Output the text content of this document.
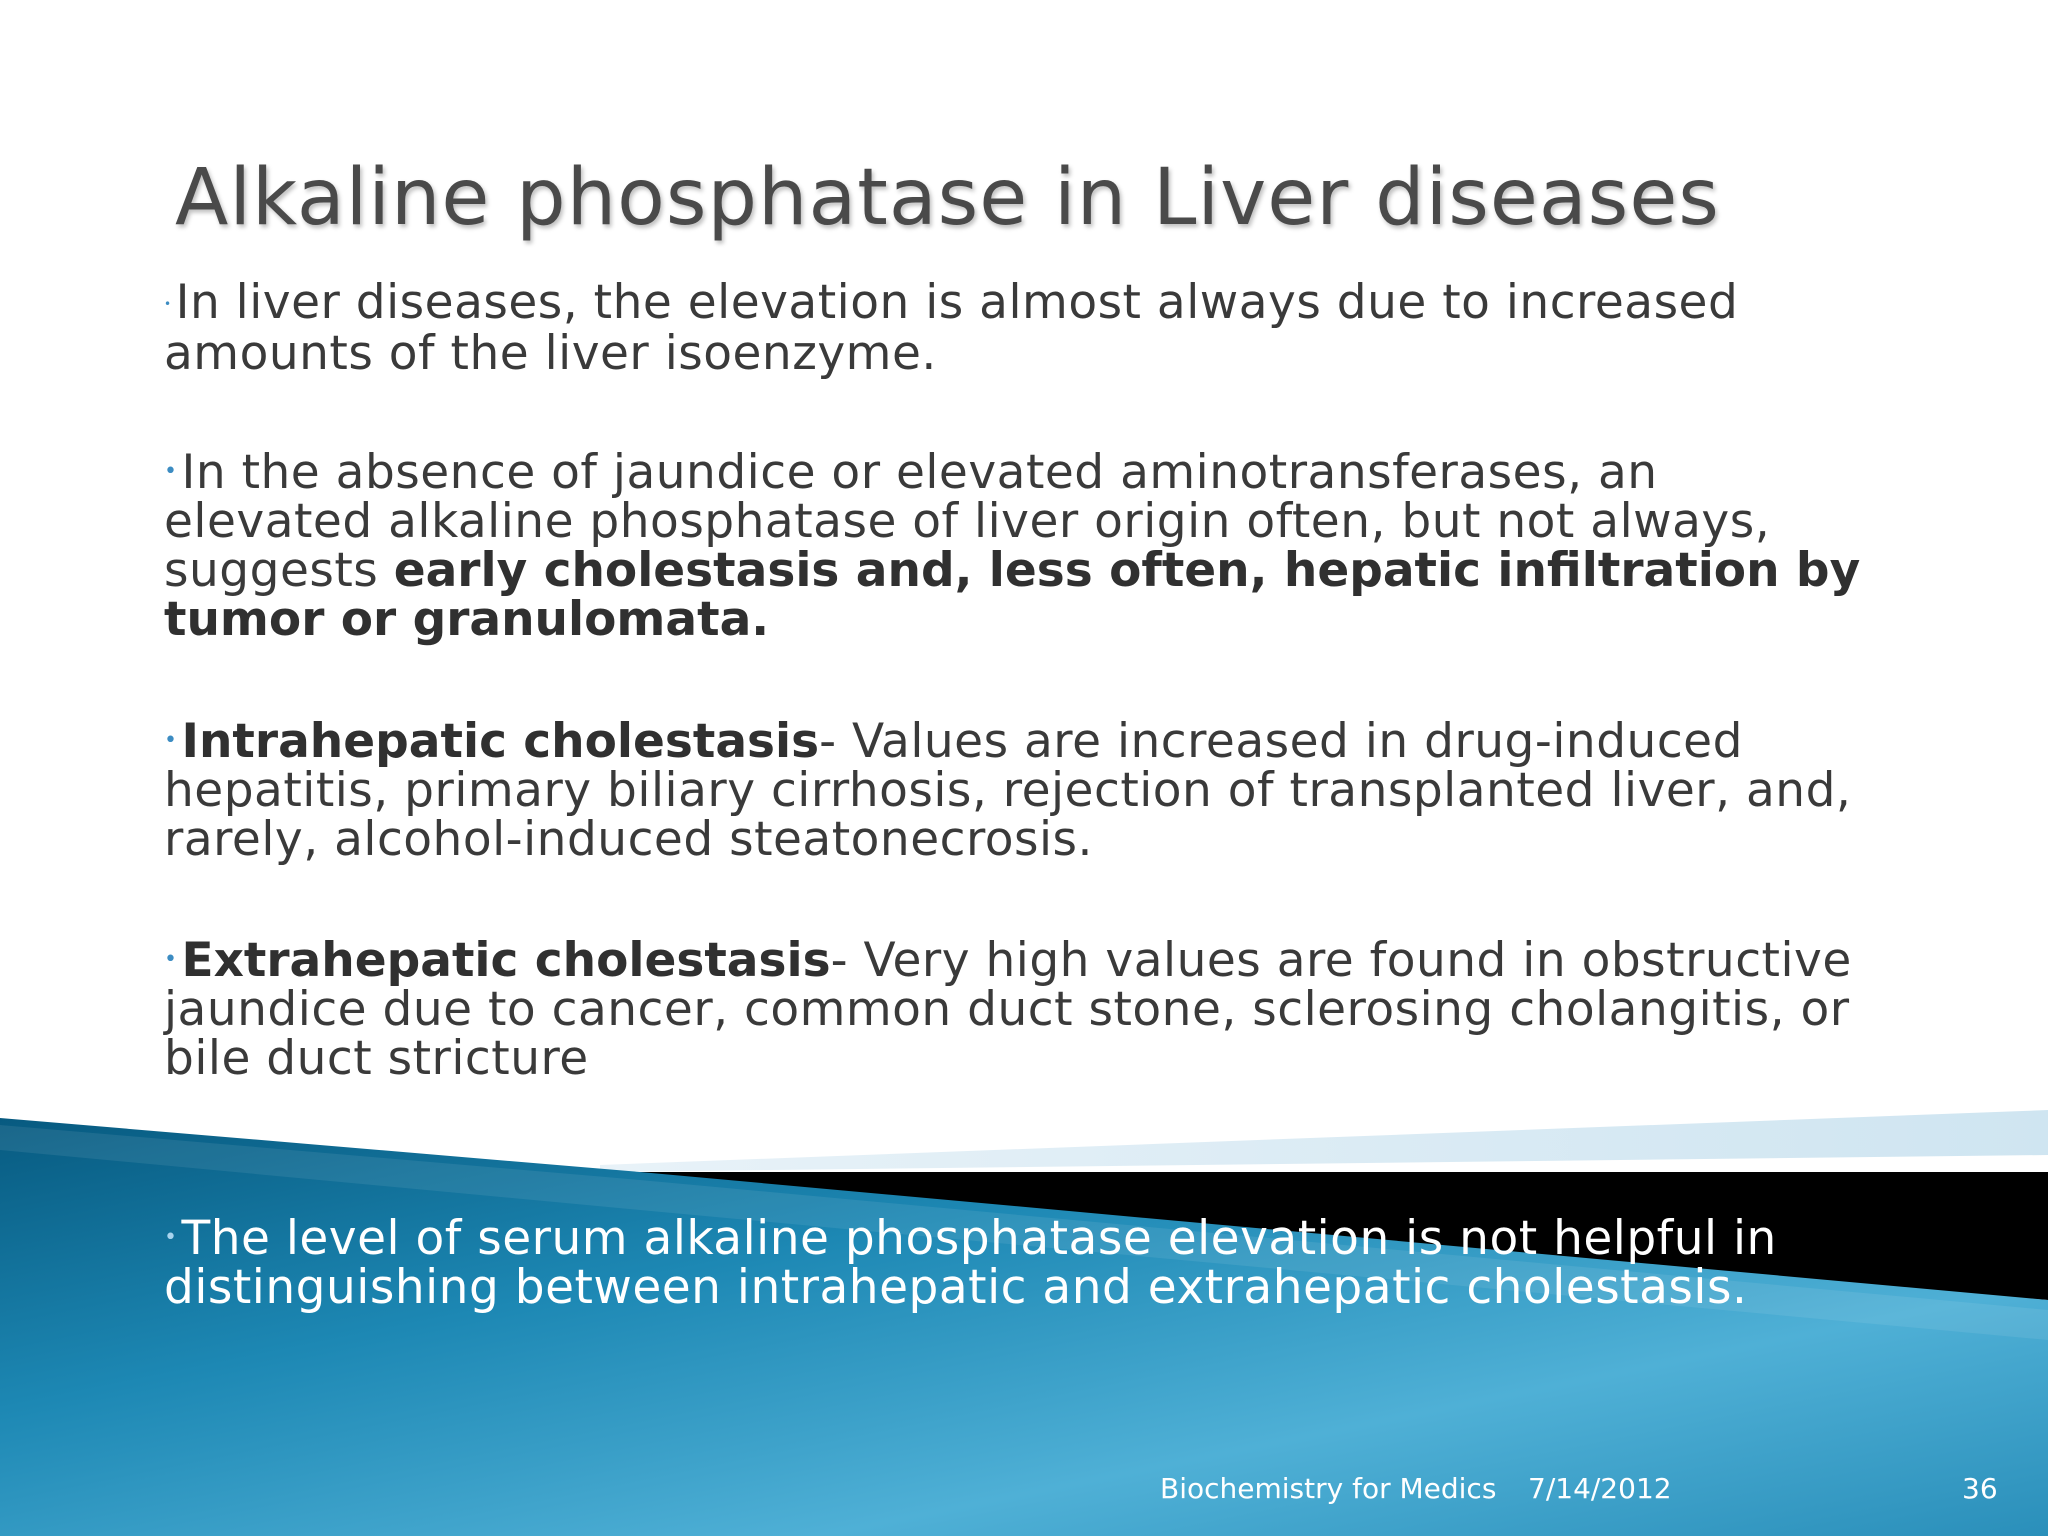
Alkaline phosphatase in Liver diseases
•In liver diseases, the elevation is almost always due to increased amounts of the liver isoenzyme.
•In the absence of jaundice or elevated aminotransferases, an elevated alkaline phosphatase of liver origin often, but not always, suggests early cholestasis and, less often, hepatic infiltration by tumor or granulomata.
•Intrahepatic cholestasis- Values are increased in drug-induced hepatitis, primary biliary cirrhosis, rejection of transplanted liver, and, rarely, alcohol-induced steatonecrosis.
•Extrahepatic cholestasis- Very high values are found in obstructive jaundice due to cancer, common duct stone, sclerosing cholangitis, or bile duct stricture
•The level of serum alkaline phosphatase elevation is not helpful in distinguishing between intrahepatic and extrahepatic cholestasis.
Biochemistry for Medics 7/14/2012	36
